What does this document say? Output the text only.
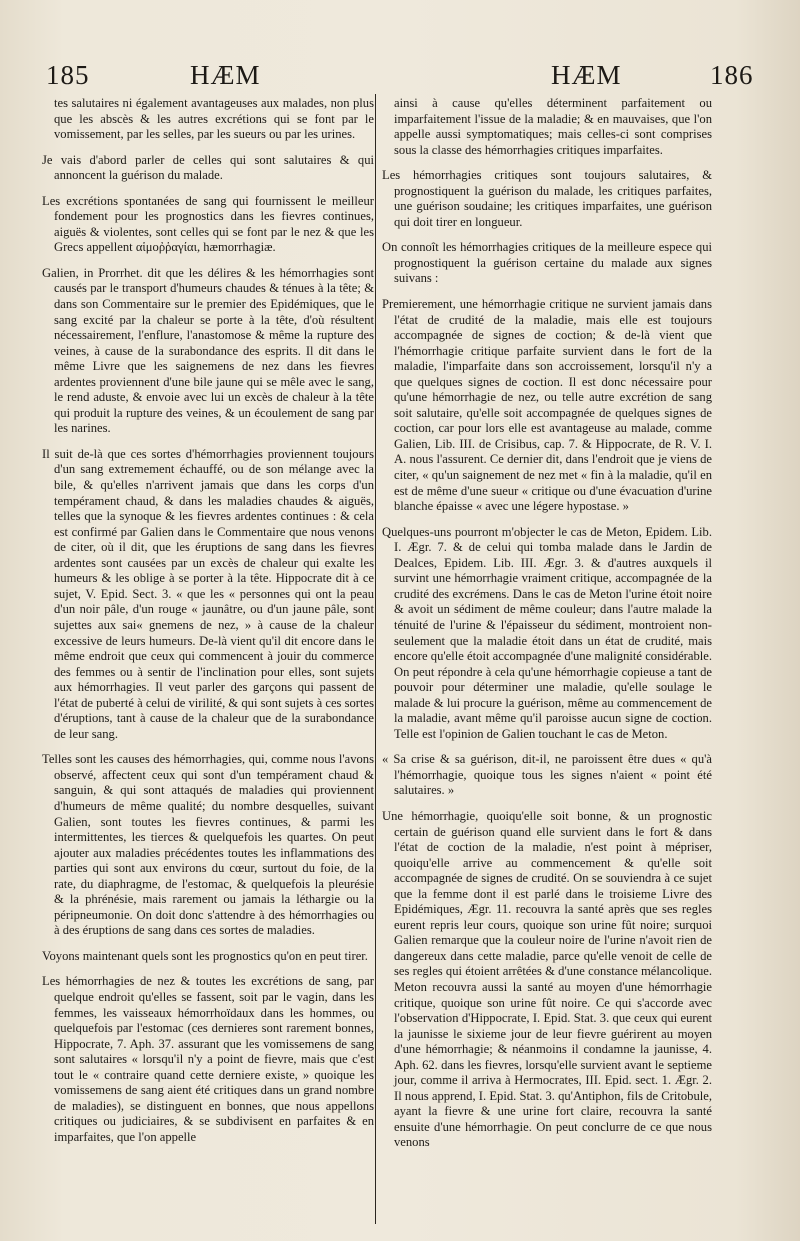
185	HÆM	HÆM	186

tes salutaires ni également avantageuses aux malades, non plus que les abscès & les autres excrétions qui se font par le vomissement, par les selles, par les sueurs ou par les urines.

Je vais d'abord parler de celles qui sont salutaires & qui annoncent la guérison du malade.

Les excrétions spontanées de sang qui fournissent le meilleur fondement pour les prognostics dans les fievres continues, aiguës & violentes, sont celles qui se font par le nez & que les Grecs appellent αἱμοῤῥαγίαι, hæmorrhagiæ.

Galien, in Prorrhet. dit que les délires & les hémorrhagies sont causés par le transport d'humeurs chaudes & ténues à la tête; & dans son Commentaire sur le premier des Epidémiques, que le sang excité par la chaleur se porte à la tête, d'où résultent nécessairement, l'enflure, l'anastomose & même la rupture des veines, à cause de la surabondance des esprits. Il dit dans le même Livre que les saignemens de nez dans les fievres ardentes proviennent d'une bile jaune qui se mêle avec le sang, le rend aduste, & envoie avec lui un excès de chaleur à la tête qui produit la rupture des veines, & un écoulement de sang par les narines.

Il suit de-là que ces sortes d'hémorrhagies proviennent toujours d'un sang extremement échauffé, ou de son mélange avec la bile, & qu'elles n'arrivent jamais que dans les corps d'un tempérament chaud, & dans les maladies chaudes & aiguës, telles que la synoque & les fievres ardentes continues : & cela est confirmé par Galien dans le Commentaire que nous venons de citer, où il dit, que les éruptions de sang dans les fievres ardentes sont causées par un excès de chaleur qui exalte les humeurs & les oblige à se porter à la tête. Hippocrate dit à ce sujet, V. Epid. Sect. 3. « que les « personnes qui ont la peau d'un noir pâle, d'un rouge « jaunâtre, ou d'un jaune pâle, sont sujettes aux sai« gnemens de nez, » à cause de la chaleur excessive de leurs humeurs. De-là vient qu'il dit encore dans le même endroit que ceux qui commencent à jouir du commerce des femmes ou à sentir de l'inclination pour elles, sont sujets aux hémorrhagies. Il veut parler des garçons qui passent de l'état de puberté à celui de virilité, & qui sont sujets à ces sortes d'éruptions, tant à cause de la chaleur que de la surabondance de leur sang.

Telles sont les causes des hémorrhagies, qui, comme nous l'avons observé, affectent ceux qui sont d'un tempérament chaud & sanguin, & qui sont attaqués de maladies qui proviennent d'humeurs de même qualité; du nombre desquelles, suivant Galien, sont toutes les fievres continues, & parmi les intermittentes, les tierces & quelquefois les quartes. On peut ajouter aux maladies précédentes toutes les inflammations des parties qui sont aux environs du cœur, surtout du foie, de la rate, du diaphragme, de l'estomac, & quelquefois la pleurésie & la phrénésie, mais rarement ou jamais la léthargie ou la péripneumonie. On doit donc s'attendre à des hémorrhagies ou à des éruptions de sang dans ces sortes de maladies.

Voyons maintenant quels sont les prognostics qu'on en peut tirer.

Les hémorrhagies de nez & toutes les excrétions de sang, par quelque endroit qu'elles se fassent, soit par le vagin, dans les femmes, les vaisseaux hémorrhoïdaux dans les hommes, ou quelquefois par l'estomac (ces dernieres sont rarement bonnes, Hippocrate, 7. Aph. 37. assurant que les vomissemens de sang sont salutaires « lorsqu'il n'y a point de fievre, mais que c'est tout le « contraire quand cette derniere existe, » quoique les vomissemens de sang aient été critiques dans un grand nombre de maladies), se distinguent en bonnes, que nous appellons critiques ou judiciaires, & se subdivisent en parfaites & en imparfaites, que l'on appelle

ainsi à cause qu'elles déterminent parfaitement ou imparfaitement l'issue de la maladie; & en mauvaises, que l'on appelle aussi symptomatiques; mais celles-ci sont comprises sous la classe des hémorrhagies critiques imparfaites.

Les hémorrhagies critiques sont toujours salutaires, & prognostiquent la guérison du malade, les critiques parfaites, une guérison soudaine; les critiques imparfaites, une guérison qui doit tirer en longueur.

On connoît les hémorrhagies critiques de la meilleure espece qui prognostiquent la guérison certaine du malade aux signes suivans :

Premierement, une hémorrhagie critique ne survient jamais dans l'état de crudité de la maladie, mais elle est toujours accompagnée de signes de coction; & de-là vient que l'hémorrhagie critique parfaite survient dans le fort de la maladie, l'imparfaite dans son accroissement, lorsqu'il n'y a que quelques signes de coction. Il est donc nécessaire pour qu'une hémorrhagie de nez, ou telle autre excrétion de sang soit salutaire, qu'elle soit accompagnée de quelques signes de coction, car pour lors elle est avantageuse au malade, comme Galien, Lib. III. de Crisibus, cap. 7. & Hippocrate, de R. V. I. A. nous l'assurent. Ce dernier dit, dans l'endroit que je viens de citer, « qu'un saignement de nez met « fin à la maladie, qu'il en est de même d'une sueur « critique ou d'une évacuation d'urine blanche épaisse « avec une légere hypostase. »

Quelques-uns pourront m'objecter le cas de Meton, Epidem. Lib. I. Ægr. 7. & de celui qui tomba malade dans le Jardin de Dealces, Epidem. Lib. III. Ægr. 3. & d'autres auxquels il survint une hémorrhagie vraiment critique, accompagnée de la crudité des excrémens. Dans le cas de Meton l'urine étoit noire & avoit un sédiment de même couleur; dans l'autre malade la ténuité de l'urine & l'épaisseur du sédiment, montroient non-seulement que la maladie étoit dans un état de crudité, mais encore qu'elle étoit accompagnée d'une malignité considérable. On peut répondre à cela qu'une hémorrhagie copieuse a tant de pouvoir pour déterminer une maladie, qu'elle soulage le malade & lui procure la guérison, même au commencement de la maladie, avant même qu'il paroisse aucun signe de coction. Telle est l'opinion de Galien touchant le cas de Meton.

« Sa crise & sa guérison, dit-il, ne paroissent être dues « qu'à l'hémorrhagie, quoique tous les signes n'aient « point été salutaires. »

Une hémorrhagie, quoiqu'elle soit bonne, & un prognostic certain de guérison quand elle survient dans le fort & dans l'état de coction de la maladie, n'est point à mépriser, quoiqu'elle arrive au commencement & qu'elle soit accompagnée de signes de crudité. On se souviendra à ce sujet que la femme dont il est parlé dans le troisieme Livre des Epidémiques, Ægr. 11. recouvra la santé après que ses regles eurent repris leur cours, quoique son urine fût noire; surquoi Galien remarque que la couleur noire de l'urine n'avoit rien de dangereux dans cette maladie, parce qu'elle venoit de celle de ses regles qui étoient arrêtées & d'une constance mélancolique. Meton recouvra aussi la santé au moyen d'une hémorrhagie critique, quoique son urine fût noire. Ce qui s'accorde avec l'observation d'Hippocrate, I. Epid. Stat. 3. que ceux qui eurent la jaunisse le sixieme jour de leur fievre guérirent au moyen d'une hémorrhagie; & néanmoins il condamne la jaunisse, 4. Aph. 62. dans les fievres, lorsqu'elle survient avant le septieme jour, comme il arriva à Hermocrates, III. Epid. sect. 1. Ægr. 2. Il nous apprend, I. Epid. Stat. 3. qu'Antiphon, fils de Critobule, ayant la fievre & une urine fort claire, recouvra la santé ensuite d'une hémorrhagie. On peut conclurre de ce que nous venons
